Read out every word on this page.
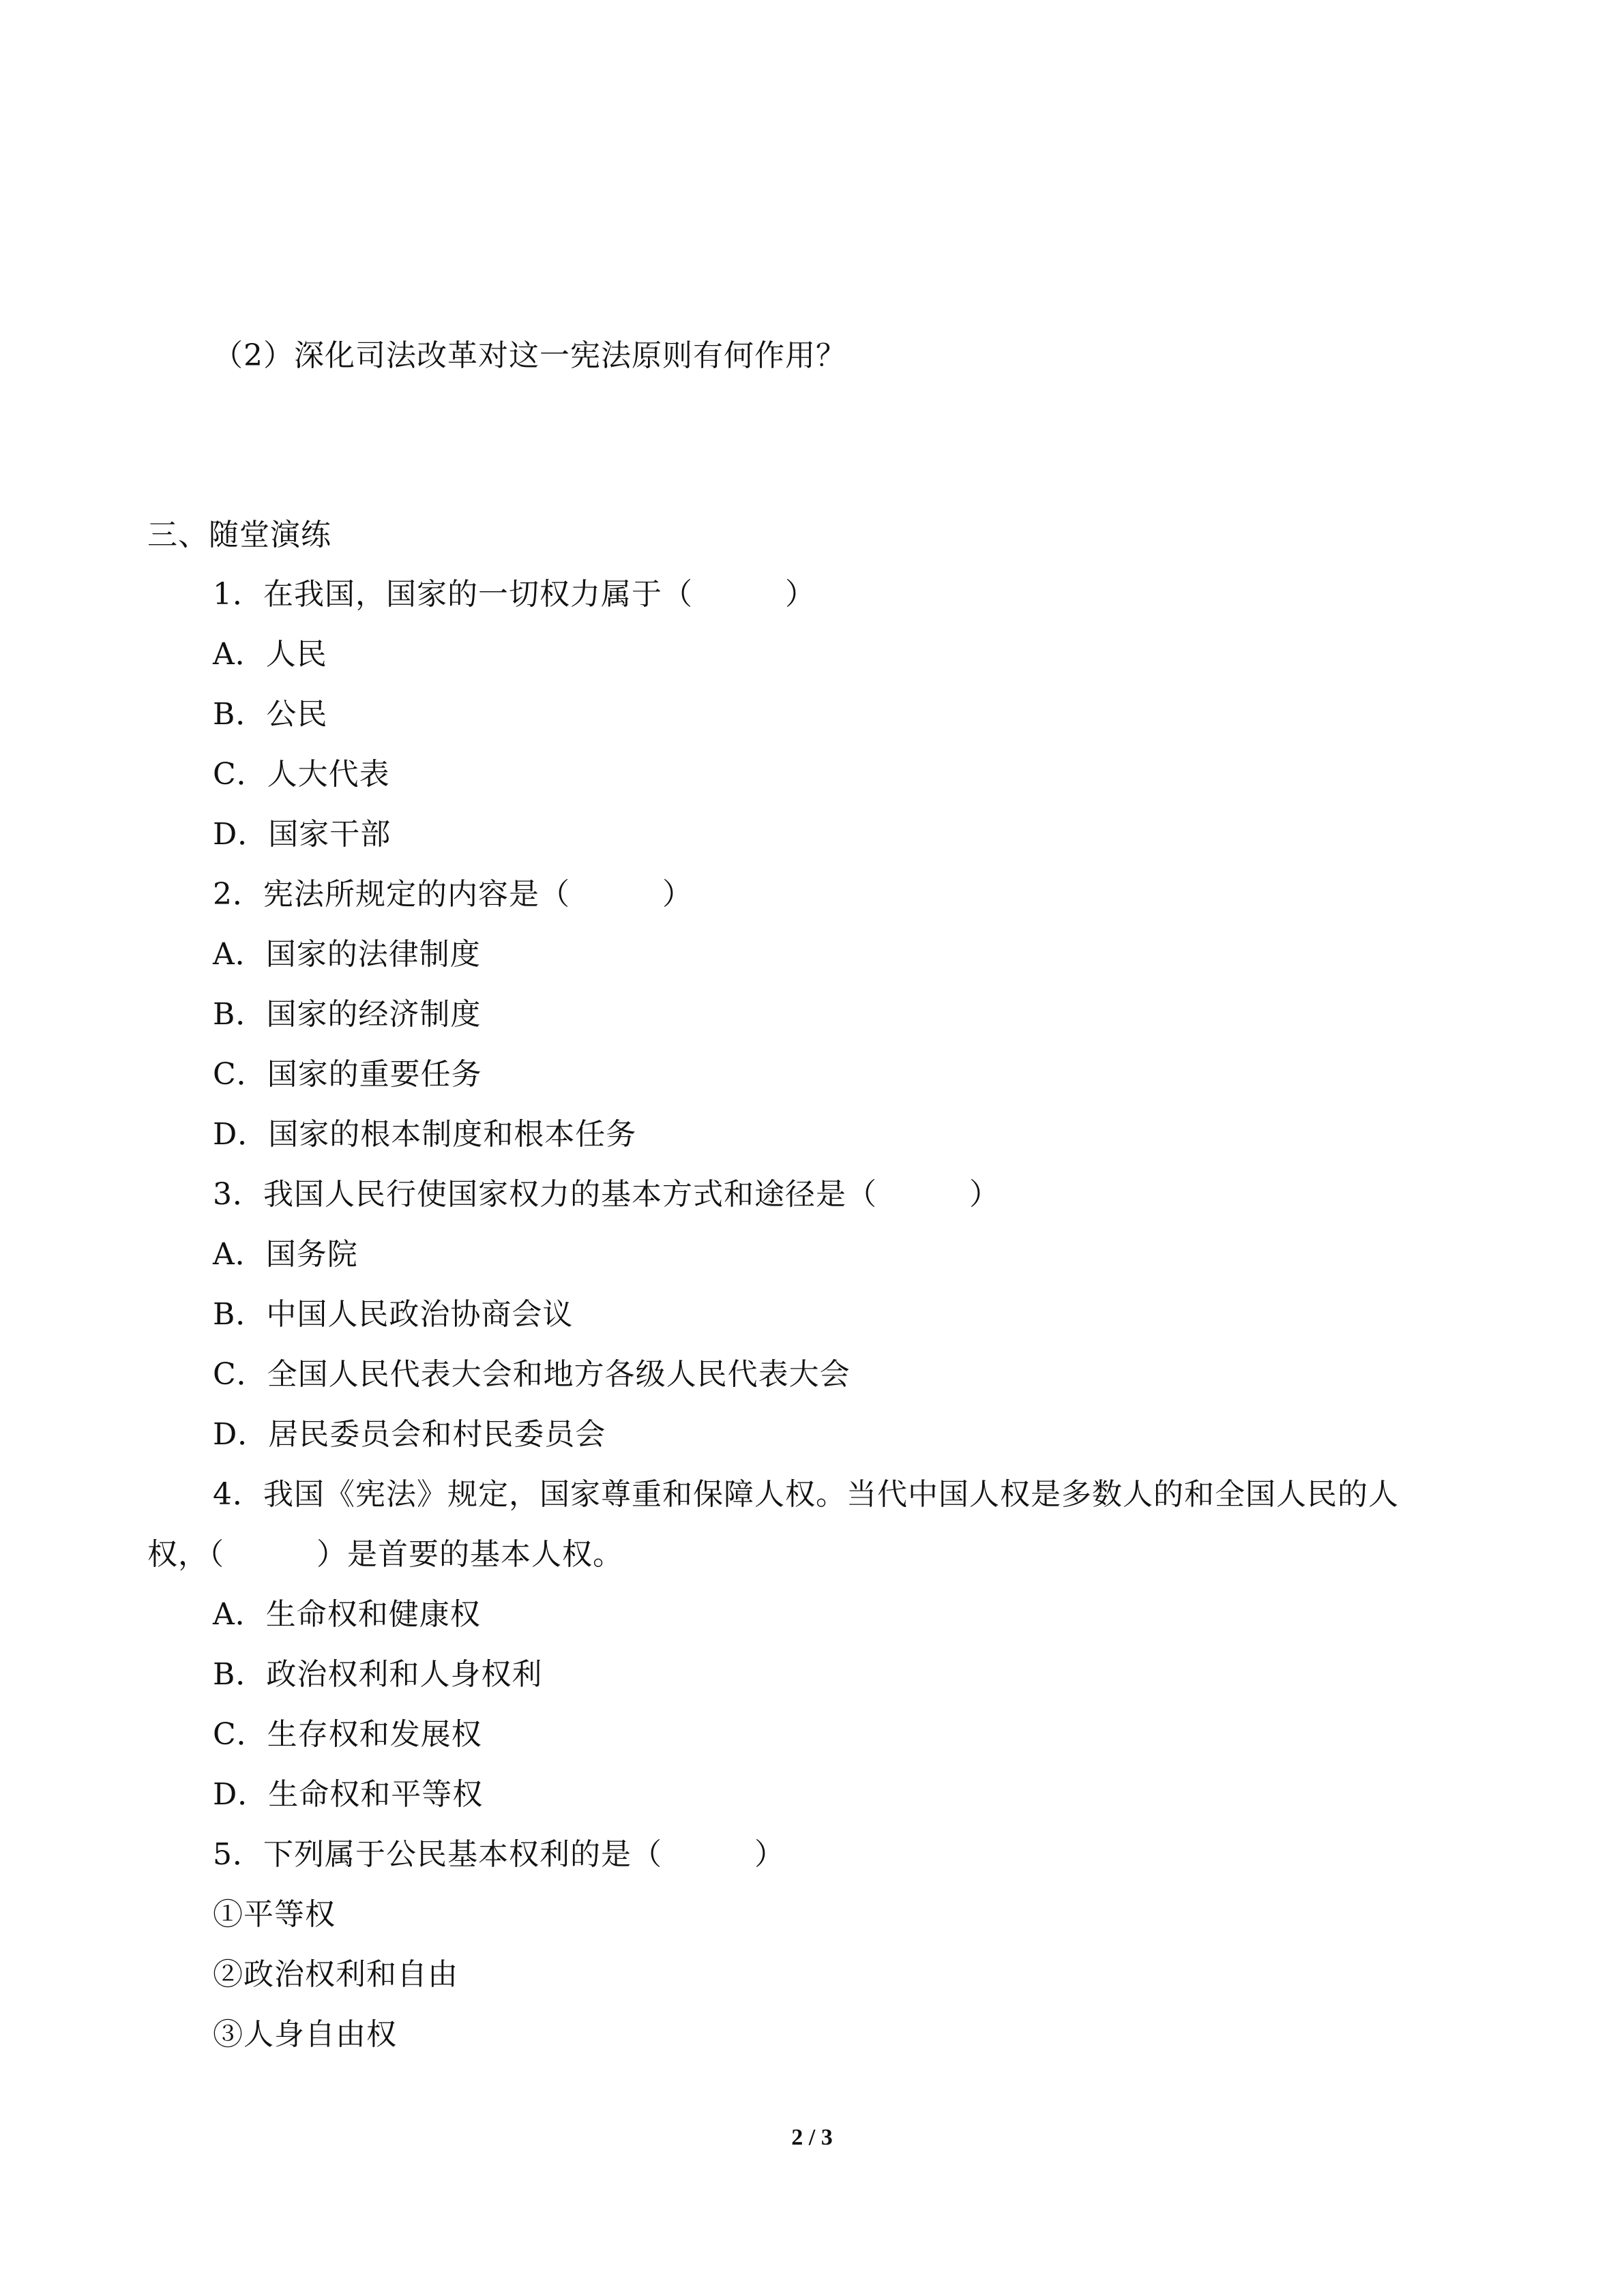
（2）深化司法改革对这一宪法原则有何作用？
三、随堂演练
1．在我国，国家的一切权力属于（　　　）
A．人民
B．公民
C．人大代表
D．国家干部
2．宪法所规定的内容是（　　　）
A．国家的法律制度
B．国家的经济制度
C．国家的重要任务
D．国家的根本制度和根本任务
3．我国人民行使国家权力的基本方式和途径是（　　　）
A．国务院
B．中国人民政治协商会议
C．全国人民代表大会和地方各级人民代表大会
D．居民委员会和村民委员会
4．我国《宪法》规定，国家尊重和保障人权。当代中国人权是多数人的和全国人民的人
权，（　　　）是首要的基本人权。
A．生命权和健康权
B．政治权利和人身权利
C．生存权和发展权
D．生命权和平等权
5．下列属于公民基本权利的是（　　　）
①平等权
②政治权利和自由
③人身自由权
2 / 3
